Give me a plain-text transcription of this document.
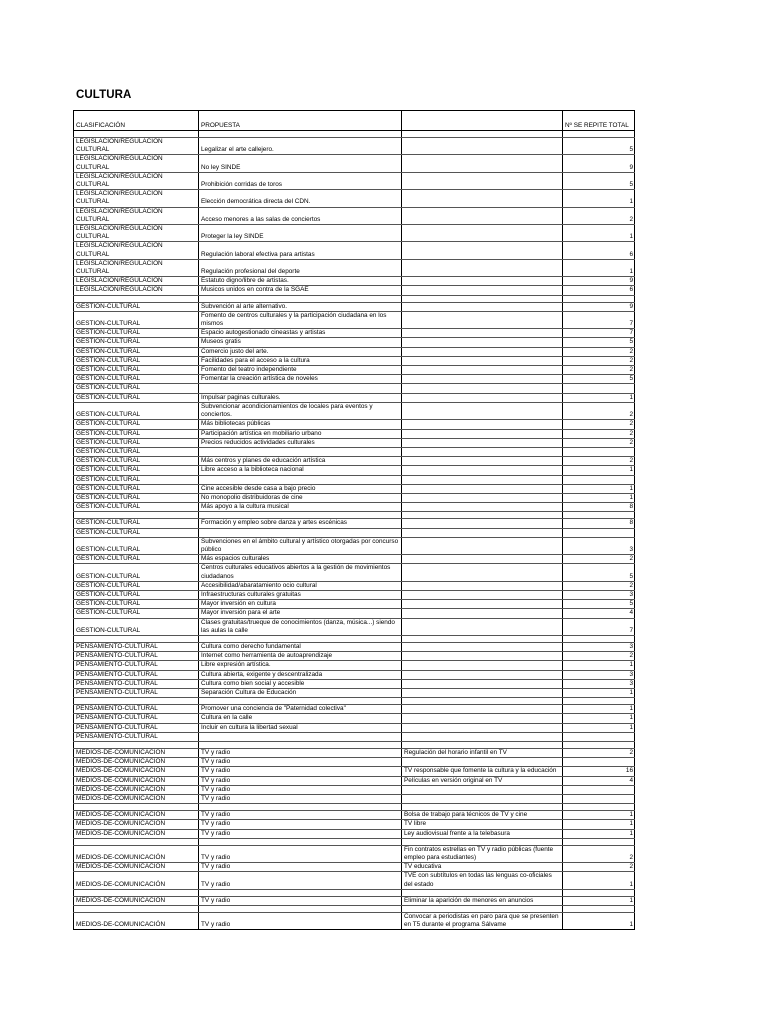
CULTURA
CLASIFICACIÓN	PROPUESTA		Nº SE REPITE TOTAL

LEGISLACION/REGULACION CULTURAL	Legalizar el arte callejero.		5
LEGISLACION/REGULACION CULTURAL	No ley SINDE		9
LEGISLACION/REGULACION CULTURAL	Prohibición corridas de toros		5
LEGISLACION/REGULACION CULTURAL	Elección democrática directa del CDN.		1
LEGISLACION/REGULACION CULTURAL	Acceso menores a las salas de conciertos		2
LEGISLACION/REGULACION CULTURAL	Proteger la ley SINDE		1
LEGISLACION/REGULACION CULTURAL	Regulación laboral efectiva para artistas		6
LEGISLACION/REGULACION CULTURAL	Regulación profesional del deporte		1
LEGISLACION/REGULACION	Estatuto digno/libre de artistas.		9
LEGISLACION/REGULACION	Musicos unidos en contra de la SGAE		6

GESTION-CULTURAL	Subvención al arte alternativo.		9
GESTION-CULTURAL	Fomento de centros culturales y la participación ciudadana en los mismos		7
GESTION-CULTURAL	Espacio autogestionado cineastas y artistas		7
GESTION-CULTURAL	Museos gratis		5
GESTION-CULTURAL	Comercio justo del arte.		2
GESTION-CULTURAL	Facilidades para el acceso a la cultura		2
GESTION-CULTURAL	Fomento del teatro independiente		2
GESTION-CULTURAL	Fomentar la creación artística de noveles		5
GESTION-CULTURAL			
GESTION-CULTURAL	Impulsar paginas culturales.		1
GESTION-CULTURAL	Subvencionar acondicionamientos de locales para eventos y conciertos.		2
GESTION-CULTURAL	Más bibliotecas públicas		2
GESTION-CULTURAL	Participación artística en mobiliario urbano		2
GESTION-CULTURAL	Precios reducidos actividades culturales		2
GESTION-CULTURAL			
GESTION-CULTURAL	Más centros y planes de educación artística		2
GESTION-CULTURAL	Libre acceso a la biblioteca nacional		1
GESTION-CULTURAL			
GESTION-CULTURAL	Cine accesible desde casa a bajo precio		1
GESTION-CULTURAL	No monopolio distribuidoras de cine		1
GESTION-CULTURAL	Más apoyo a la cultura musical		8

GESTION-CULTURAL	Formación y empleo sobre danza y artes escénicas		8
GESTION-CULTURAL			
GESTION-CULTURAL	Subvenciones en el ámbito cultural y artístico otorgadas por concurso público		3
GESTION-CULTURAL	Más espacios culturales		2
GESTION-CULTURAL	Centros culturales educativos abiertos a la gestión de movimientos ciudadanos		5
GESTION-CULTURAL	Accesibilidad/abaratamiento ocio cultural		2
GESTION-CULTURAL	Infraestructuras culturales gratuitas		3
GESTION-CULTURAL	Mayor inversión en cultura		5
GESTION-CULTURAL	Mayor inversión para el arte		4
GESTION-CULTURAL	Clases gratuitas/trueque de conocimientos (danza, música...) siendo las aulas la calle		7

PENSAMIENTO-CULTURAL	Cultura como derecho fundamental		3
PENSAMIENTO-CULTURAL	Internet como herramienta de autoaprendizaje		2
PENSAMIENTO-CULTURAL	Libre expresión artística.		1
PENSAMIENTO-CULTURAL	Cultura abierta, exigente y descentralizada		3
PENSAMIENTO-CULTURAL	Cultura como bien social y accesible		3
PENSAMIENTO-CULTURAL	Separación Cultura de Educación		1

PENSAMIENTO-CULTURAL	Promover una conciencia de "Paternidad colectiva"		1
PENSAMIENTO-CULTURAL	Cultura en la calle		1
PENSAMIENTO-CULTURAL	Incluir en cultura la libertad sexual		1
PENSAMIENTO-CULTURAL			

MEDIOS-DE-COMUNICACIÓN	TV y radio	Regulación del horario infantil en TV	2
MEDIOS-DE-COMUNICACIÓN	TV y radio		
MEDIOS-DE-COMUNICACIÓN	TV y radio	TV responsable que fomente la cultura y la educación	16
MEDIOS-DE-COMUNICACIÓN	TV y radio	Películas en versión original en TV	4
MEDIOS-DE-COMUNICACIÓN	TV y radio		
MEDIOS-DE-COMUNICACIÓN	TV y radio		

MEDIOS-DE-COMUNICACIÓN	TV y radio	Bolsa de trabajo para técnicos de TV y cine	1
MEDIOS-DE-COMUNICACIÓN	TV y radio	TV libre	1
MEDIOS-DE-COMUNICACIÓN	TV y radio	Ley audiovisual frente a la telebasura	1

MEDIOS-DE-COMUNICACIÓN	TV y radio	Fin contratos estrellas en TV y radio públicas (fuente empleo para estudiantes)	2
MEDIOS-DE-COMUNICACIÓN	TV y radio	TV educativa	2
MEDIOS-DE-COMUNICACIÓN	TV y radio	TVE con subtítulos en todas las lenguas co-oficiales del estado	1

MEDIOS-DE-COMUNICACIÓN	TV y radio	Eliminar la aparición de menores en anuncios	1

MEDIOS-DE-COMUNICACIÓN	TV y radio	Convocar a periodistas en paro para que se presenten en T5 durante el programa Sálvame	1
